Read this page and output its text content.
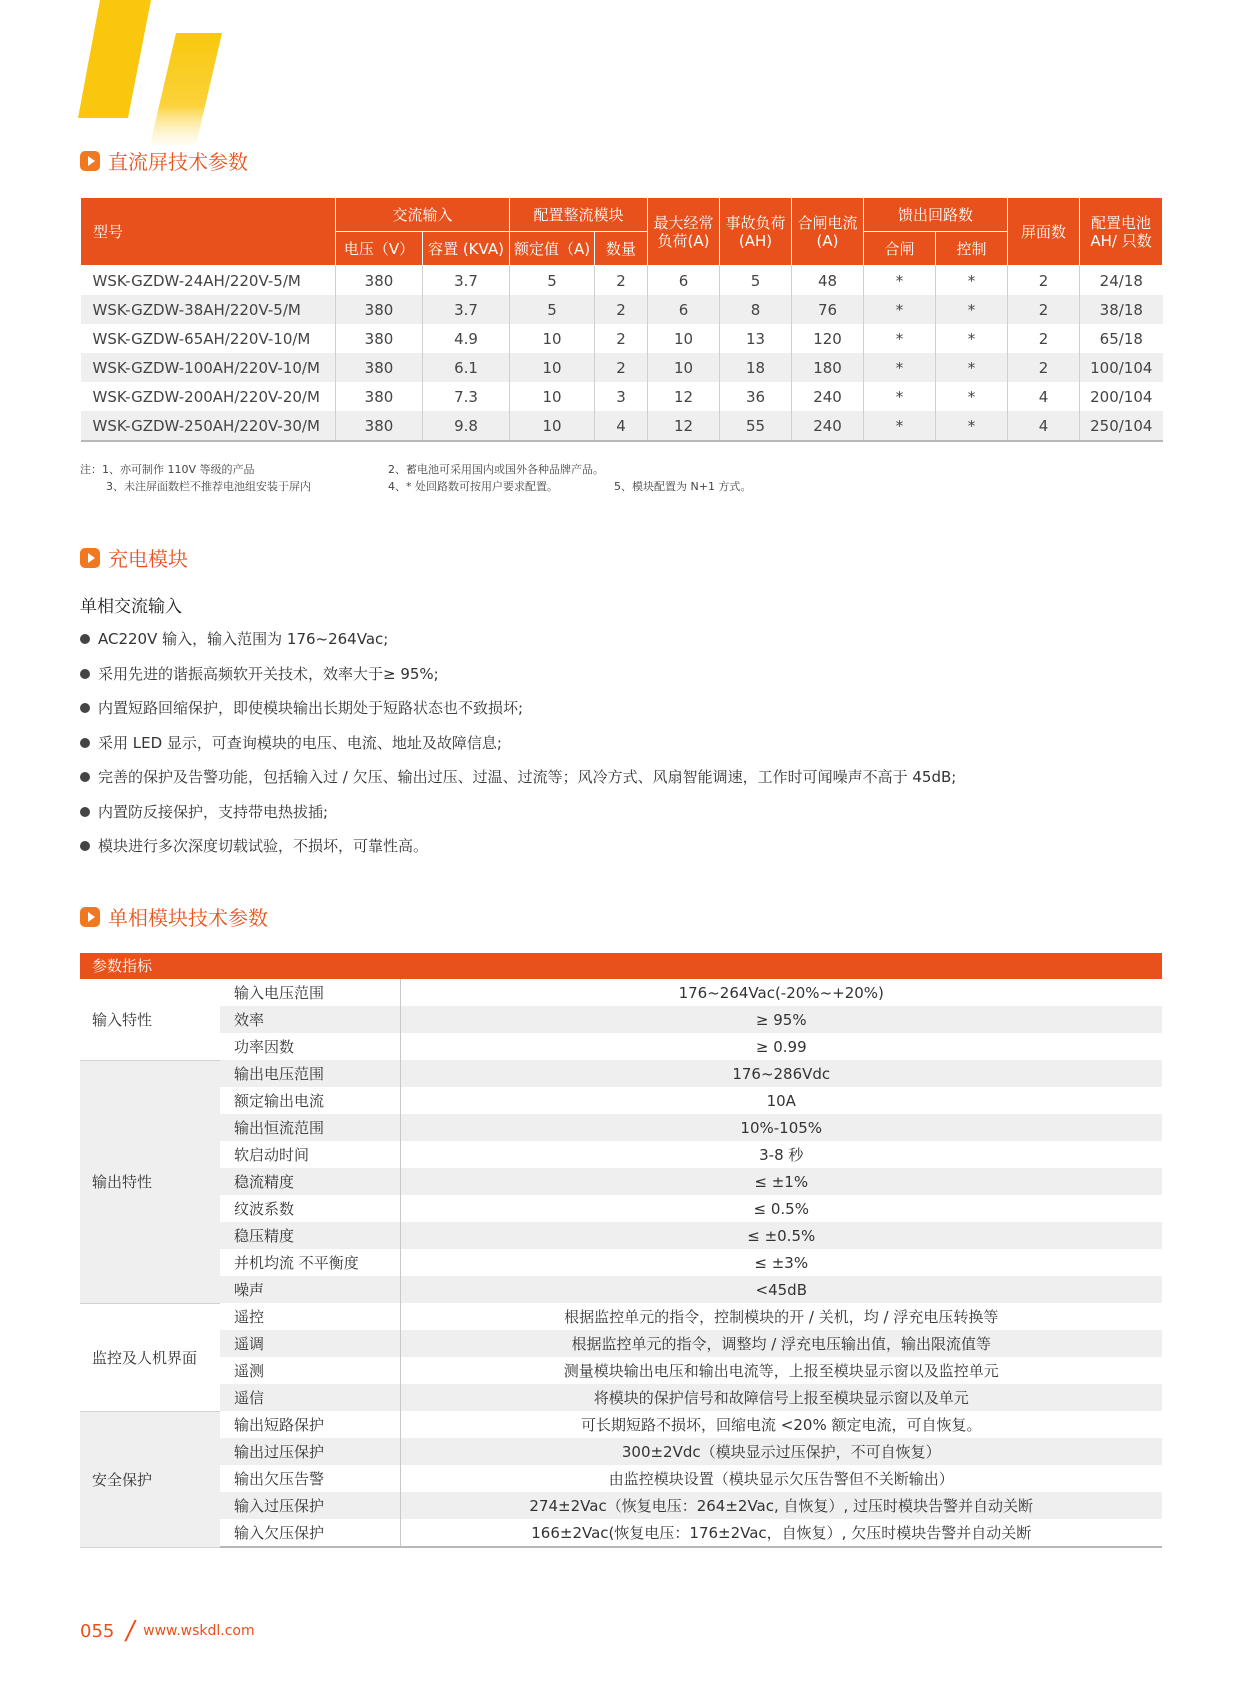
直流屏技术参数
型号	交流输入		配置整流模块		最大经常负荷(A)	事故负荷(AH)	合闸电流(A)	馈出回路数		屏面数	配置电池AH/ 只数
	电压（V）	容置 (KVA)	额定值（A)	数量				合闸	控制		
WSK-GZDW-24AH/220V-5/M	380	3.7	5	2	6	5	48	*	*	2	24/18
WSK-GZDW-38AH/220V-5/M	380	3.7	5	2	6	8	76	*	*	2	38/18
WSK-GZDW-65AH/220V-10/M	380	4.9	10	2	10	13	120	*	*	2	65/18
WSK-GZDW-100AH/220V-10/M	380	6.1	10	2	10	18	180	*	*	2	100/104
WSK-GZDW-200AH/220V-20/M	380	7.3	10	3	12	36	240	*	*	4	200/104
WSK-GZDW-250AH/220V-30/M	380	9.8	10	4	12	55	240	*	*	4	250/104
注：1、亦可制作 110V 等级的产品	2、蓄电池可采用国内或国外各种品牌产品。
3、未注屏面数栏不推荐电池组安装于屏内	4、* 处回路数可按用户要求配置。	5、模块配置为 N+1 方式。
充电模块
单相交流输入
AC220V 输入，输入范围为 176~264Vac;
采用先进的谐振高频软开关技术，效率大于≥ 95%;
内置短路回缩保护，即使模块输出长期处于短路状态也不致损坏;
采用 LED 显示，可查询模块的电压、电流、地址及故障信息;
完善的保护及告警功能，包括输入过 / 欠压、输出过压、过温、过流等；风冷方式、风扇智能调速，工作时可闻噪声不高于 45dB;
内置防反接保护，支持带电热拔插;
模块进行多次深度切载试验，不损坏，可靠性高。
单相模块技术参数
参数指标
输入特性	输入电压范围	176~264Vac(-20%~+20%)
	效率	≥ 95%
	功率因数	≥ 0.99
输出特性	输出电压范围	176~286Vdc
	额定输出电流	10A
	输出恒流范围	10%-105%
	软启动时间	3-8 秒
	稳流精度	≤ ±1%
	纹波系数	≤ 0.5%
	稳压精度	≤ ±0.5%
	并机均流 不平衡度	≤ ±3%
	噪声	<45dB
监控及人机界面	遥控	根据监控单元的指令，控制模块的开 / 关机，均 / 浮充电压转换等
	遥调	根据监控单元的指令，调整均 / 浮充电压输出值，输出限流值等
	遥测	测量模块输出电压和输出电流等，上报至模块显示窗以及监控单元
	遥信	将模块的保护信号和故障信号上报至模块显示窗以及单元
安全保护	输出短路保护	可长期短路不损坏，回缩电流 <20% 额定电流，可自恢复。
	输出过压保护	300±2Vdc（模块显示过压保护，不可自恢复）
	输出欠压告警	由监控模块设置（模块显示欠压告警但不关断输出）
	输入过压保护	274±2Vac（恢复电压：264±2Vac, 自恢复）, 过压时模块告警并自动关断
	输入欠压保护	166±2Vac(恢复电压：176±2Vac，自恢复）, 欠压时模块告警并自动关断
055 / www.wskdl.com
